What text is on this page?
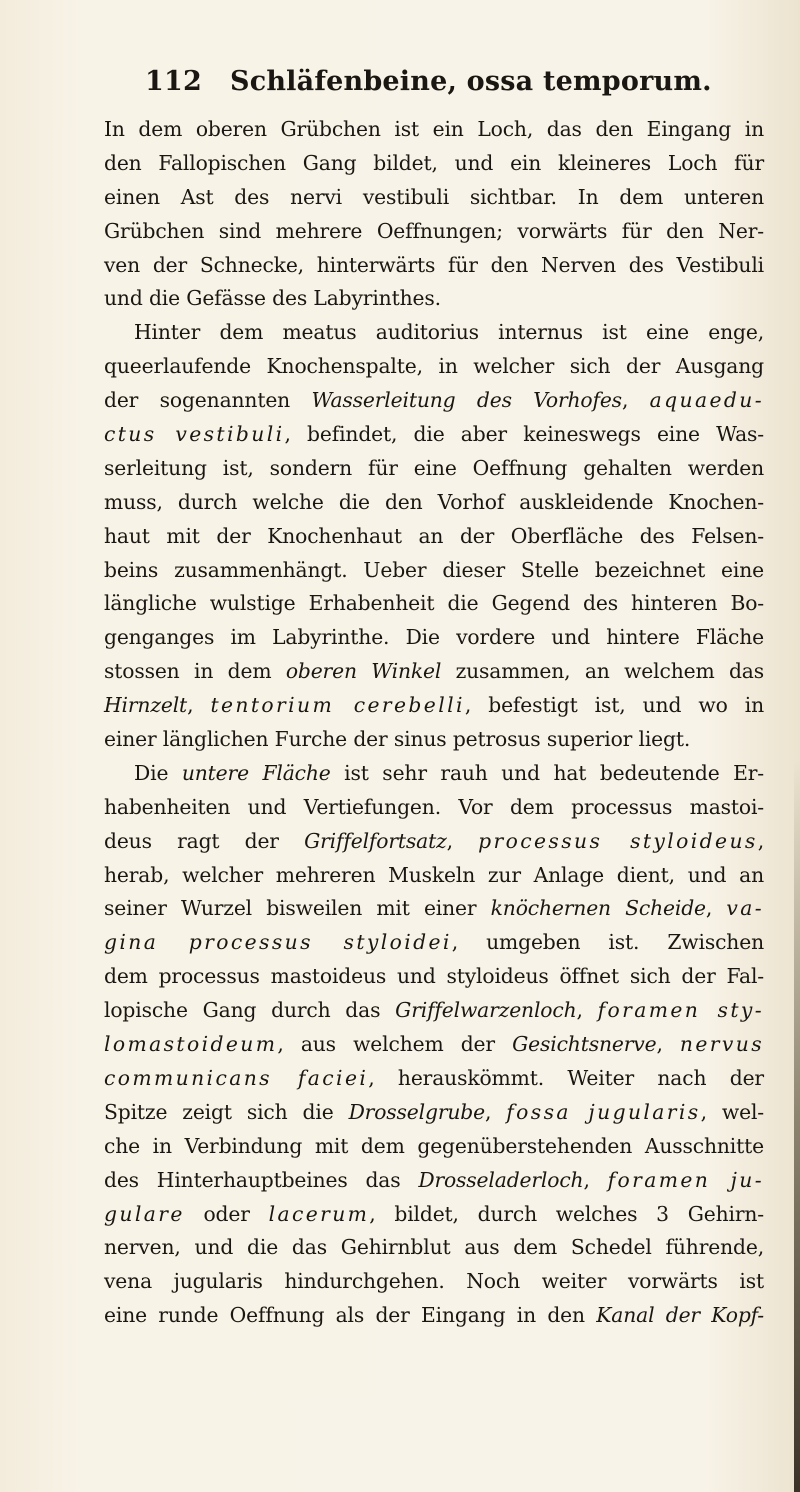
112 Schläfenbeine, ossa temporum.
In dem oberen Grübchen ist ein Loch, das den Eingang in
den Fallopischen Gang bildet, und ein kleineres Loch für
einen Ast des nervi vestibuli sichtbar. In dem unteren
Grübchen sind mehrere Oeffnungen; vorwärts für den Ner-
ven der Schnecke, hinterwärts für den Nerven des Vestibuli
und die Gefässe des Labyrinthes.
Hinter dem meatus auditorius internus ist eine enge,
queerlaufende Knochenspalte, in welcher sich der Ausgang
der sogenannten Wasserleitung des Vorhofes, aquaedu-
ctus vestibuli, befindet, die aber keineswegs eine Was-
serleitung ist, sondern für eine Oeffnung gehalten werden
muss, durch welche die den Vorhof auskleidende Knochen-
haut mit der Knochenhaut an der Oberfläche des Felsen-
beins zusammenhängt. Ueber dieser Stelle bezeichnet eine
längliche wulstige Erhabenheit die Gegend des hinteren Bo-
genganges im Labyrinthe. Die vordere und hintere Fläche
stossen in dem oberen Winkel zusammen, an welchem das
Hirnzelt, tentorium cerebelli, befestigt ist, und wo in
einer länglichen Furche der sinus petrosus superior liegt.
Die untere Fläche ist sehr rauh und hat bedeutende Er-
habenheiten und Vertiefungen. Vor dem processus mastoi-
deus ragt der Griffelfortsatz, processus styloideus,
herab, welcher mehreren Muskeln zur Anlage dient, und an
seiner Wurzel bisweilen mit einer knöchernen Scheide, va-
gina processus styloidei, umgeben ist. Zwischen
dem processus mastoideus und styloideus öffnet sich der Fal-
lopische Gang durch das Griffelwarzenloch, foramen sty-
lomastoideum, aus welchem der Gesichtsnerve, nervus
communicans faciei, herauskömmt. Weiter nach der
Spitze zeigt sich die Drosselgrube, fossa jugularis, wel-
che in Verbindung mit dem gegenüberstehenden Ausschnitte
des Hinterhauptbeines das Drosseladerloch, foramen ju-
gulare oder lacerum, bildet, durch welches 3 Gehirn-
nerven, und die das Gehirnblut aus dem Schedel führende,
vena jugularis hindurchgehen. Noch weiter vorwärts ist
eine runde Oeffnung als der Eingang in den Kanal der Kopf-
